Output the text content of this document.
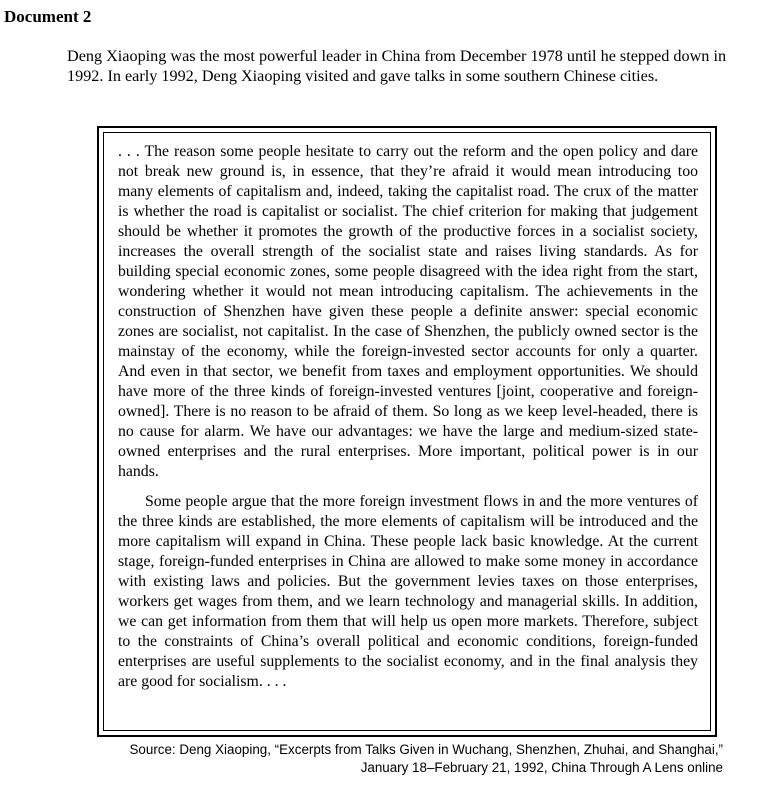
Document 2

Deng Xiaoping was the most powerful leader in China from December 1978 until he stepped down in 1992. In early 1992, Deng Xiaoping visited and gave talks in some southern Chinese cities.

. . . The reason some people hesitate to carry out the reform and the open policy and dare not break new ground is, in essence, that they’re afraid it would mean introducing too many elements of capitalism and, indeed, taking the capitalist road. The crux of the matter is whether the road is capitalist or socialist. The chief criterion for making that judgement should be whether it promotes the growth of the productive forces in a socialist society, increases the overall strength of the socialist state and raises living standards. As for building special economic zones, some people disagreed with the idea right from the start, wondering whether it would not mean introducing capitalism. The achievements in the construction of Shenzhen have given these people a definite answer: special economic zones are socialist, not capitalist. In the case of Shenzhen, the publicly owned sector is the mainstay of the economy, while the foreign-invested sector accounts for only a quarter. And even in that sector, we benefit from taxes and employment opportunities. We should have more of the three kinds of foreign-invested ventures [joint, cooperative and foreign-owned]. There is no reason to be afraid of them. So long as we keep level-headed, there is no cause for alarm. We have our advantages: we have the large and medium-sized state-owned enterprises and the rural enterprises. More important, political power is in our hands.

Some people argue that the more foreign investment flows in and the more ventures of the three kinds are established, the more elements of capitalism will be introduced and the more capitalism will expand in China. These people lack basic knowledge. At the current stage, foreign-funded enterprises in China are allowed to make some money in accordance with existing laws and policies. But the government levies taxes on those enterprises, workers get wages from them, and we learn technology and managerial skills. In addition, we can get information from them that will help us open more markets. Therefore, subject to the constraints of China’s overall political and economic conditions, foreign-funded enterprises are useful supplements to the socialist economy, and in the final analysis they are good for socialism. . . .

Source: Deng Xiaoping, “Excerpts from Talks Given in Wuchang, Shenzhen, Zhuhai, and Shanghai,”
January 18–February 21, 1992, China Through A Lens online
